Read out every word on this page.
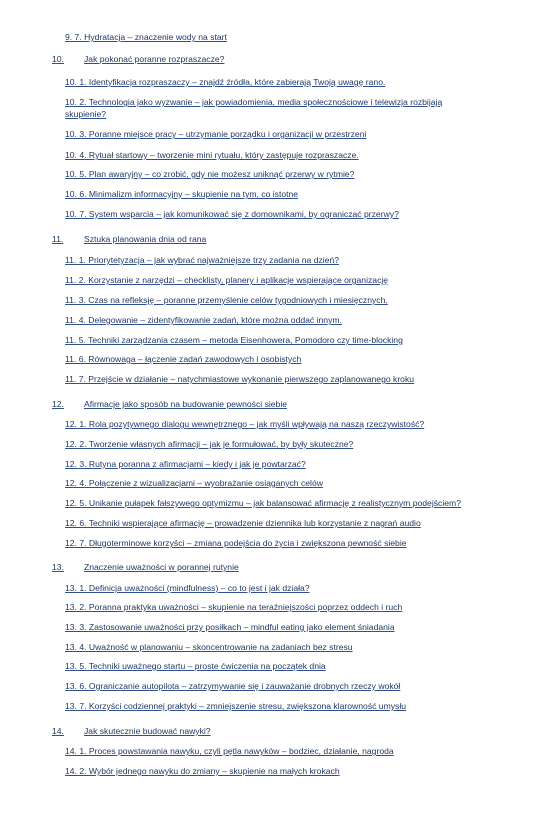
9. 7. Hydratacja – znaczenie wody na start
10. Jak pokonać poranne rozpraszacze?
10. 1. Identyfikacja rozpraszaczy – znajdź źródła, które zabierają Twoją uwagę rano.
10. 2. Technologia jako wyzwanie – jak powiadomienia, media społecznościowe i telewizja rozbijają skupienie?
10. 3. Poranne miejsce pracy – utrzymanie porządku i organizacji w przestrzeni
10. 4. Rytuał startowy – tworzenie mini rytuału, który zastępuje rozpraszacze.
10. 5. Plan awaryjny – co zrobić, gdy nie możesz uniknąć przerwy w rytmie?
10. 6. Minimalizm informacyjny – skupienie na tym, co istotne
10. 7. System wsparcia – jak komunikować się z domownikami, by ograniczać przerwy?
11. Sztuka planowania dnia od rana
11. 1. Priorytetyzacja – jak wybrać najważniejsze trzy zadania na dzień?
11. 2. Korzystanie z narzędzi – checklisty, planery i aplikacje wspierające organizację
11. 3. Czas na refleksję – poranne przemyślenie celów tygodniowych i miesięcznych.
11. 4. Delegowanie – zidentyfikowanie zadań, które można oddać innym.
11. 5. Techniki zarządzania czasem – metoda Eisenhowera, Pomodoro czy time-blocking
11. 6. Równowaga – łączenie zadań zawodowych i osobistych
11. 7. Przejście w działanie – natychmiastowe wykonanie pierwszego zaplanowanego kroku
12. Afirmacje jako sposób na budowanie pewności siebie
12. 1. Rola pozytywnego dialogu wewnętrznego – jak myśli wpływają na naszą rzeczywistość?
12. 2. Tworzenie własnych afirmacji – jak je formułować, by były skuteczne?
12. 3. Rutyna poranna z afirmacjami – kiedy i jak je powtarzać?
12. 4. Połączenie z wizualizacjami – wyobrażanie osiąganych celów
12. 5. Unikanie pułapek fałszywego optymizmu – jak balansować afirmację z realistycznym podejściem?
12. 6. Techniki wspierające afirmację – prowadzenie dziennika lub korzystanie z nagrań audio
12. 7. Długoterminowe korzyści – zmiana podejścia do życia i zwiększona pewność siebie
13. Znaczenie uważności w porannej rutynie
13. 1. Definicja uważności (mindfulness) – co to jest i jak działa?
13. 2. Poranna praktyka uważności – skupienie na teraźniejszości poprzez oddech i ruch
13. 3. Zastosowanie uważności przy posiłkach – mindful eating jako element śniadania
13. 4. Uważność w planowaniu – skoncentrowanie na zadaniach bez stresu
13. 5. Techniki uważnego startu – proste ćwiczenia na początek dnia
13. 6. Ograniczanie autopilota – zatrzymywanie się i zauważanie drobnych rzeczy wokół
13. 7. Korzyści codziennej praktyki – zmniejszenie stresu, zwiększona klarowność umysłu
14. Jak skutecznie budować nawyki?
14. 1. Proces powstawania nawyku, czyli pętla nawyków – bodziec, działanie, nagroda
14. 2. Wybór jednego nawyku do zmiany – skupienie na małych krokach
